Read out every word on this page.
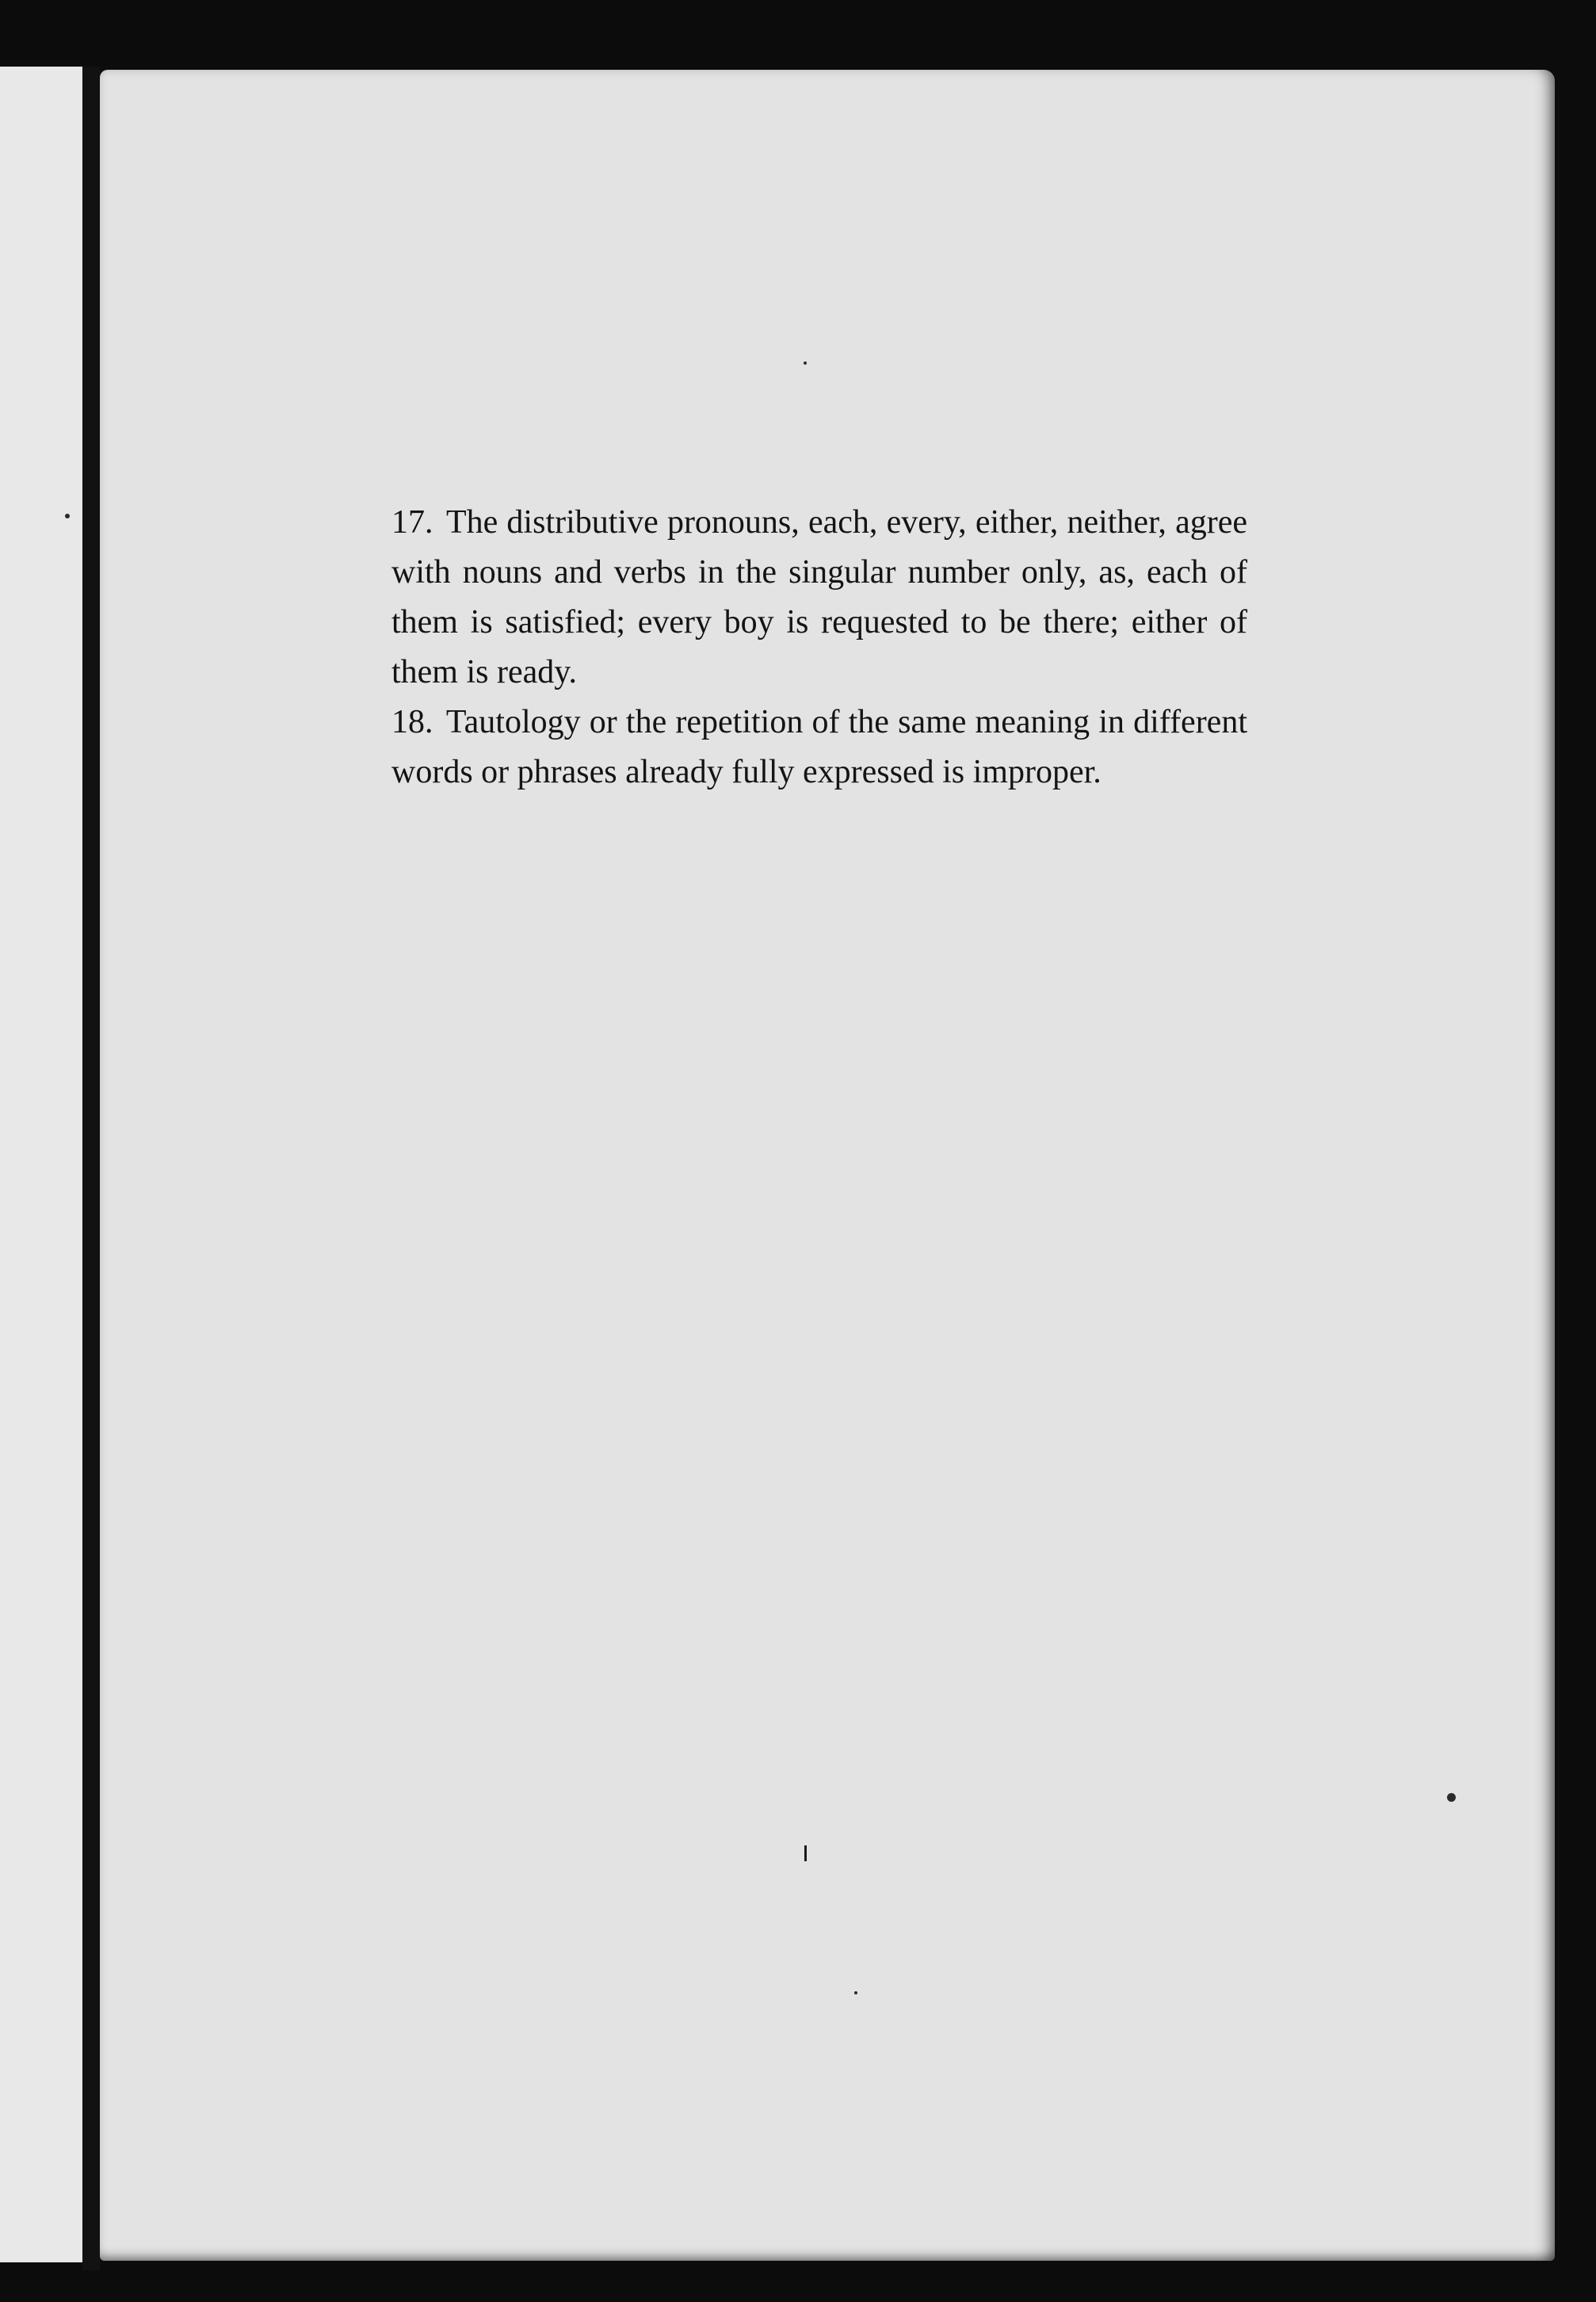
17. The distributive pronouns, each, every, either, neither, agree with nouns and verbs in the singular number only, as, each of them is satisfied; every boy is requested to be there; either of them is ready.

18. Tautology or the repetition of the same meaning in different words or phrases already fully expressed is improper.
